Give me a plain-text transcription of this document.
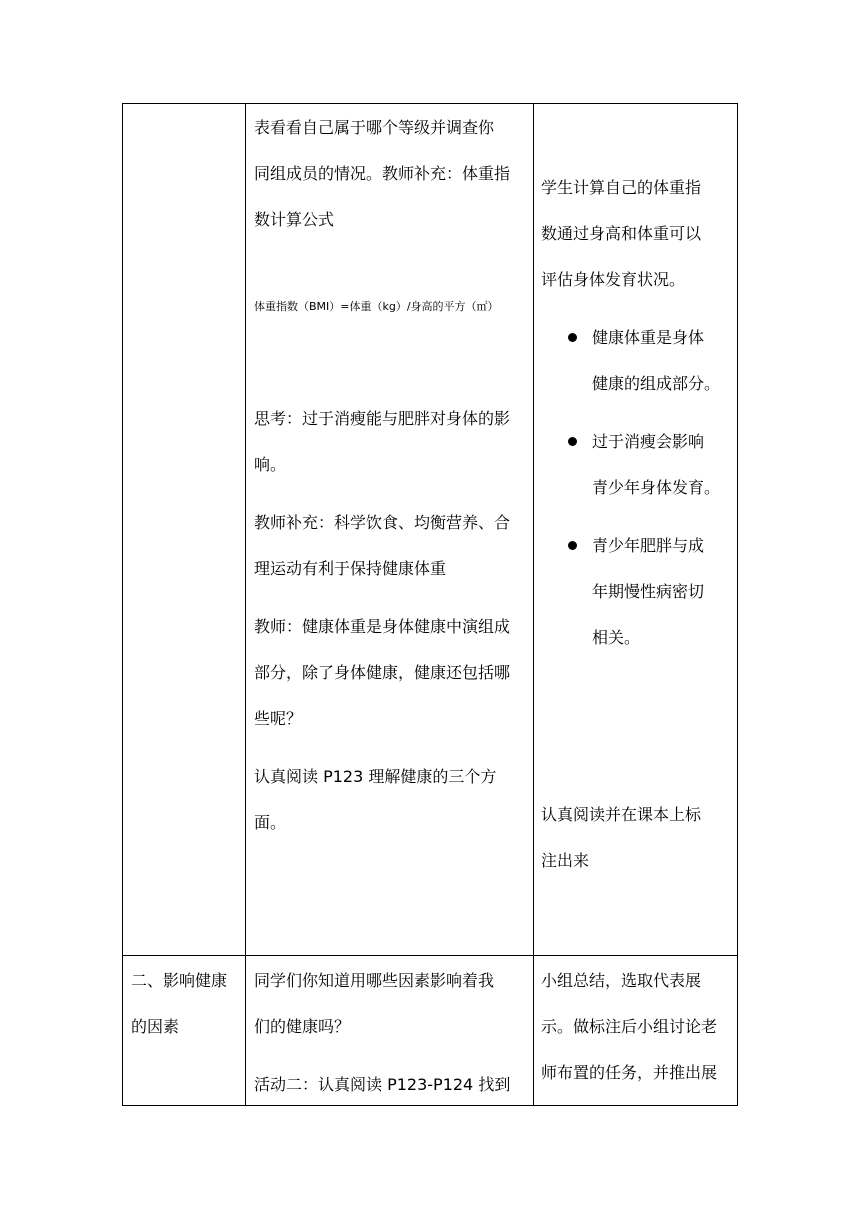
表看看自己属于哪个等级并调查你
同组成员的情况。教师补充：体重指
数计算公式
体重指数（BMI）=体重（kg）/身高的平方（㎡）
思考：过于消瘦能与肥胖对身体的影
响。
教师补充：科学饮食、均衡营养、合
理运动有利于保持健康体重
教师：健康体重是身体健康中演组成
部分，除了身体健康，健康还包括哪
些呢？
认真阅读 P123 理解健康的三个方
面。
学生计算自己的体重指
数通过身高和体重可以
评估身体发育状况。
健康体重是身体
健康的组成部分。
过于消瘦会影响
青少年身体发育。
青少年肥胖与成
年期慢性病密切
相关。
认真阅读并在课本上标
注出来
二、影响健康
的因素
同学们你知道用哪些因素影响着我
们的健康吗？
活动二：认真阅读 P123-P124 找到
小组总结，选取代表展
示。做标注后小组讨论老
师布置的任务，并推出展
